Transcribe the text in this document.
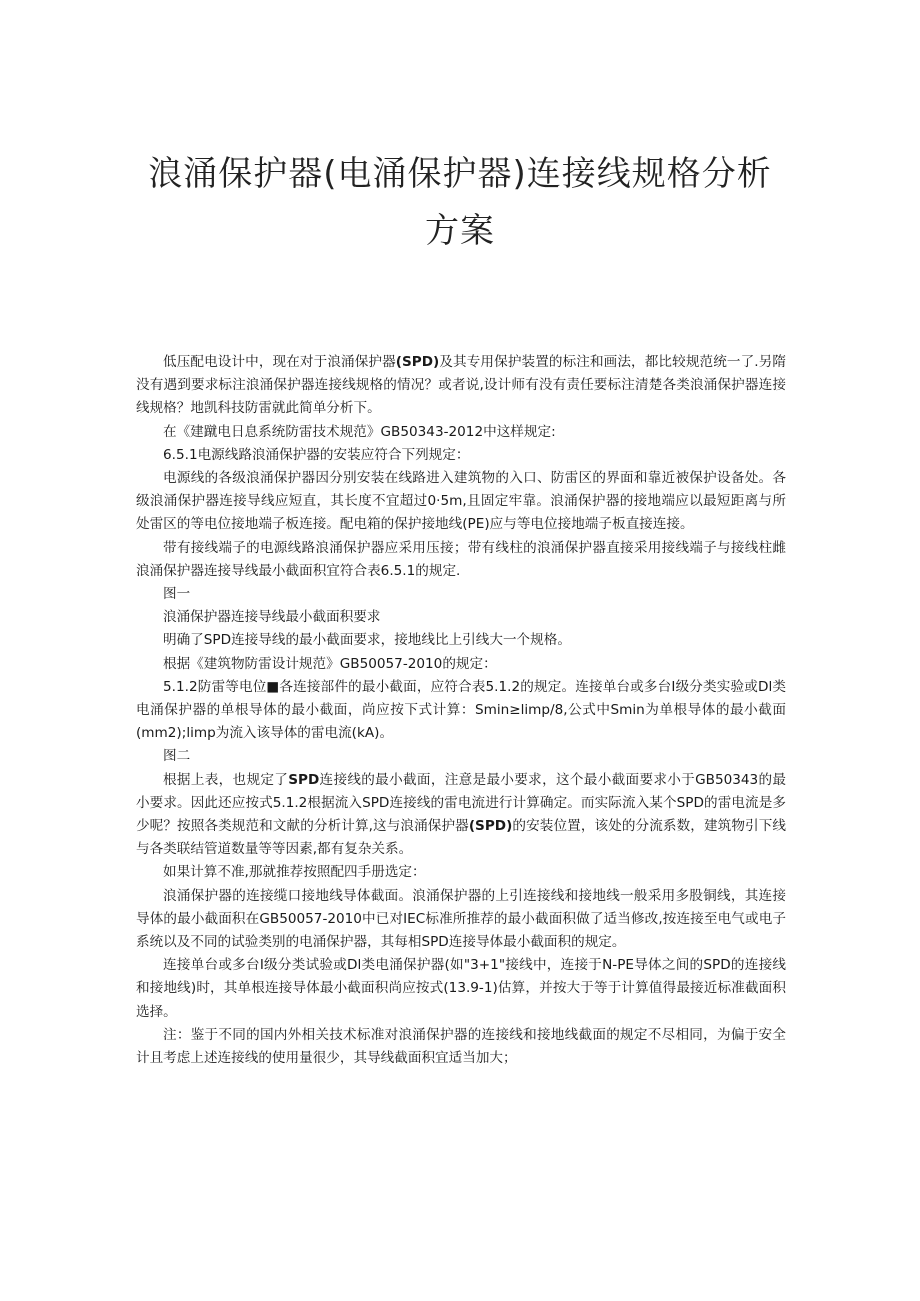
浪涌保护器(电涌保护器)连接线规格分析
方案

低压配电设计中，现在对于浪涌保护器(SPD)及其专用保护装置的标注和画法，都比较规范统一了.另隋没有遇到要求标注浪涌保护器连接线规格的情况？或者说,设计师有没有责任要标注清楚各类浪涌保护器连接线规格？地凯科技防雷就此简单分析下。

在《建蹴电日息系统防雷技术规范》GB50343-2012中这样规定:

6.5.1电源线路浪涌保护器的安装应符合下列规定：

电源线的各级浪涌保护器因分别安装在线路进入建筑物的入口、防雷区的界面和靠近被保护设备处。各级浪涌保护器连接导线应短直，其长度不宜超过0·5m,且固定牢靠。浪涌保护器的接地端应以最短距离与所处雷区的等电位接地端子板连接。配电箱的保护接地线(PE)应与等电位接地端子板直接连接。

带有接线端子的电源线路浪涌保护器应采用压接；带有线柱的浪涌保护器直接采用接线端子与接线柱雌浪涌保护器连接导线最小截面积宜符合表6.5.1的规定.

图一

浪涌保护器连接导线最小截面积要求

明确了SPD连接导线的最小截面要求，接地线比上引线大一个规格。

根据《建筑物防雷设计规范》GB50057-2010的规定：

5.1.2防雷等电位■各连接部件的最小截面，应符合表5.1.2的规定。连接单台或多台I级分类实验或Dl类电涌保护器的单根导体的最小截面，尚应按下式计算：Smin≥limp∕8,公式中Smin为单根导体的最小截面(mm2);limp为流入该导体的雷电流(kA)。

图二

根据上表，也规定了SPD连接线的最小截面，注意是最小要求，这个最小截面要求小于GB50343的最小要求。因此还应按式5.1.2根据流入SPD连接线的雷电流进行计算确定。而实际流入某个SPD的雷电流是多少呢？按照各类规范和文献的分析计算,这与浪涌保护器(SPD)的安装位置，该处的分流系数，建筑物引下线与各类联结管道数量等等因素,都有复杂关系。

如果计算不准,那就推荐按照配四手册选定：

浪涌保护器的连接缆口接地线导体截面。浪涌保护器的上引连接线和接地线一般采用多股铜线，其连接导体的最小截面积在GB50057-2010中已对IEC标准所推荐的最小截面积做了适当修改,按连接至电气或电子系统以及不同的试验类别的电涌保护器，其每相SPD连接导体最小截面积的规定。

连接单台或多台I级分类试验或Dl类电涌保护器(如"3+1"接线中，连接于N-PE导体之间的SPD的连接线和接地线)时，其单根连接导体最小截面积尚应按式(13.9-1)估算，并按大于等于计算值得最接近标准截面积选择。

注：鉴于不同的国内外相关技术标准对浪涌保护器的连接线和接地线截面的规定不尽相同，为偏于安全计且考虑上述连接线的使用量很少，其导线截面积宜适当加大；
